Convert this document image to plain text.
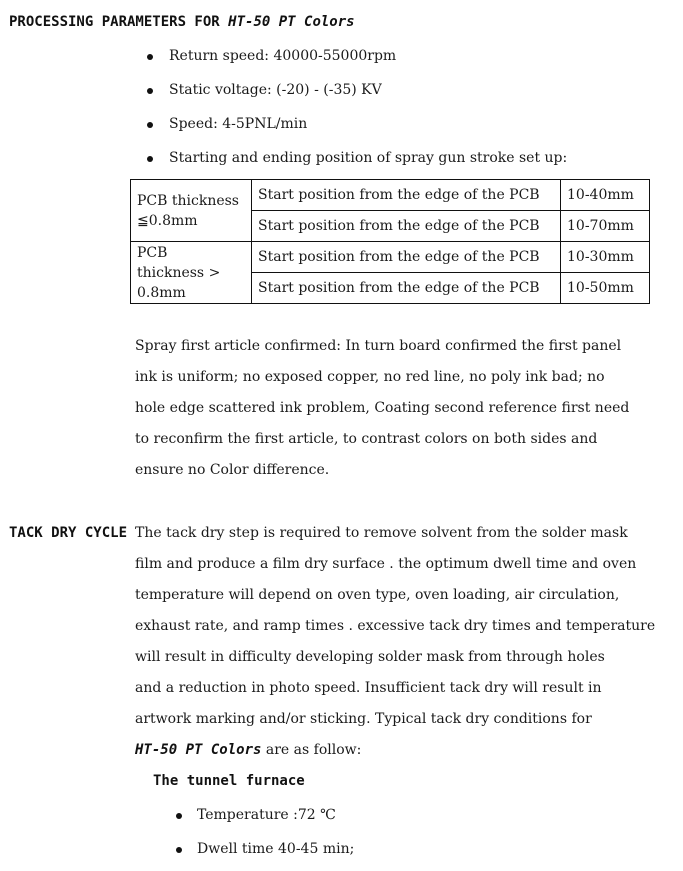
PROCESSING PARAMETERS FOR HT-50 PT Colors
Return speed: 40000-55000rpm
Static voltage: (-20) - (-35) KV
Speed: 4-5PNL/min
Starting and ending position of spray gun stroke set up:
PCB thickness
≦0.8mm	Start position from the edge of the PCB	10-40mm
	Start position from the edge of the PCB	10-70mm
PCB
thickness >
0.8mm	Start position from the edge of the PCB	10-30mm
	Start position from the edge of the PCB	10-50mm
Spray first article confirmed: In turn board confirmed the first panel
ink is uniform; no exposed copper, no red line, no poly ink bad; no
hole edge scattered ink problem, Coating second reference first need
to reconfirm the first article, to contrast colors on both sides and
ensure no Color difference.
TACK DRY CYCLE The tack dry step is required to remove solvent from the solder mask
film and produce a film dry surface . the optimum dwell time and oven
temperature will depend on oven type, oven loading, air circulation,
exhaust rate, and ramp times . excessive tack dry times and temperature
will result in difficulty developing solder mask from through holes
and a reduction in photo speed. Insufficient tack dry will result in
artwork marking and/or sticking. Typical tack dry conditions for
HT-50 PT Colors are as follow:
The tunnel furnace
Temperature :72 ℃
Dwell time 40-45 min;
